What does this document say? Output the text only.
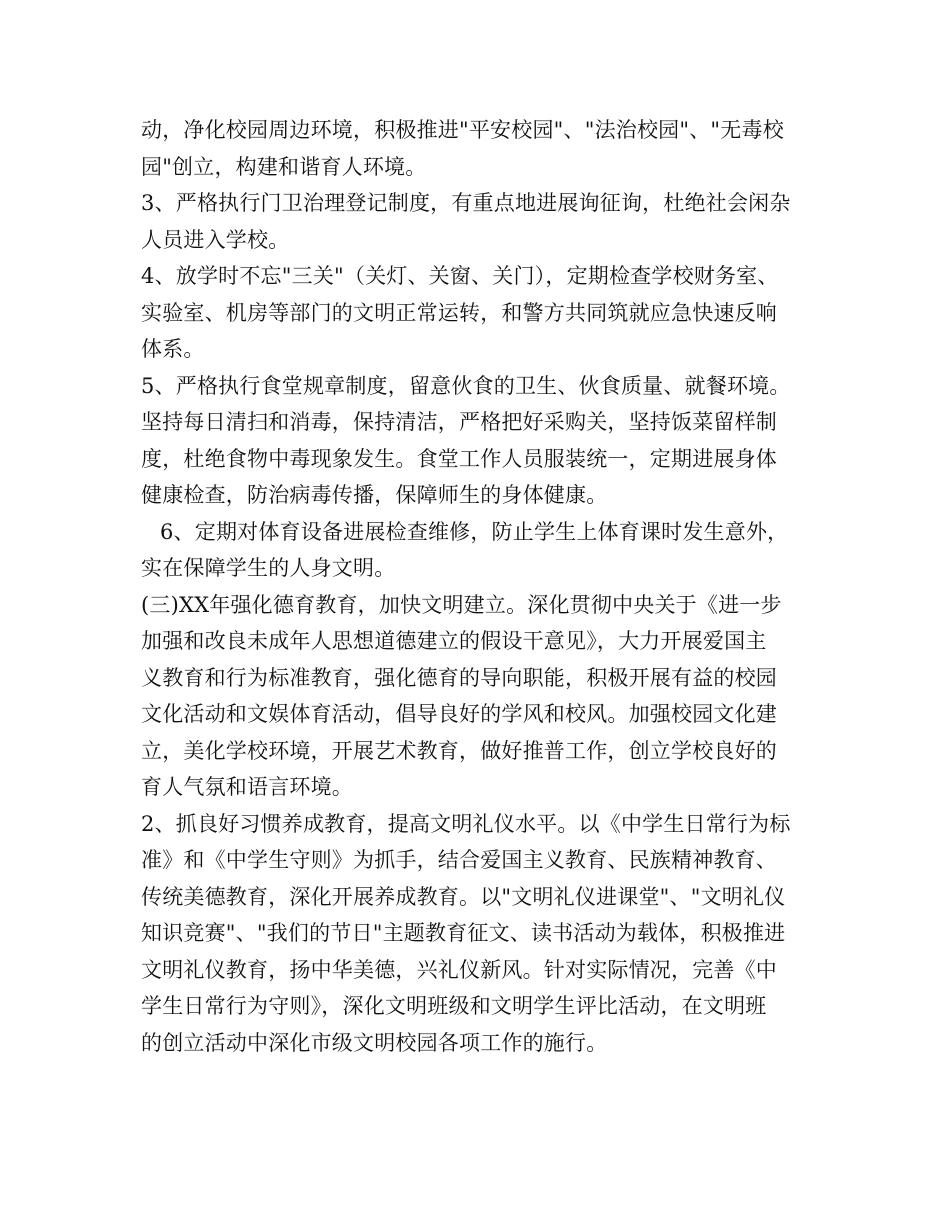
动，净化校园周边环境，积极推进"平安校园"、"法治校园"、"无毒校
园"创立，构建和谐育人环境。
3、严格执行门卫治理登记制度，有重点地进展询征询，杜绝社会闲杂
人员进入学校。
4、放学时不忘"三关"（关灯、关窗、关门），定期检查学校财务室、
实验室、机房等部门的文明正常运转，和警方共同筑就应急快速反响
体系。
5、严格执行食堂规章制度，留意伙食的卫生、伙食质量、就餐环境。
坚持每日清扫和消毒，保持清洁，严格把好采购关，坚持饭菜留样制
度，杜绝食物中毒现象发生。食堂工作人员服装统一，定期进展身体
健康检查，防治病毒传播，保障师生的身体健康。
6、定期对体育设备进展检查维修，防止学生上体育课时发生意外，
实在保障学生的人身文明。
(三)XX年强化德育教育，加快文明建立。深化贯彻中央关于《进一步
加强和改良未成年人思想道德建立的假设干意见》，大力开展爱国主
义教育和行为标准教育，强化德育的导向职能，积极开展有益的校园
文化活动和文娱体育活动，倡导良好的学风和校风。加强校园文化建
立，美化学校环境，开展艺术教育，做好推普工作，创立学校良好的
育人气氛和语言环境。
2、抓良好习惯养成教育，提高文明礼仪水平。以《中学生日常行为标
准》和《中学生守则》为抓手，结合爱国主义教育、民族精神教育、
传统美德教育，深化开展养成教育。以"文明礼仪进课堂"、"文明礼仪
知识竞赛"、"我们的节日"主题教育征文、读书活动为载体，积极推进
文明礼仪教育，扬中华美德，兴礼仪新风。针对实际情况，完善《中
学生日常行为守则》，深化文明班级和文明学生评比活动，在文明班
的创立活动中深化市级文明校园各项工作的施行。
